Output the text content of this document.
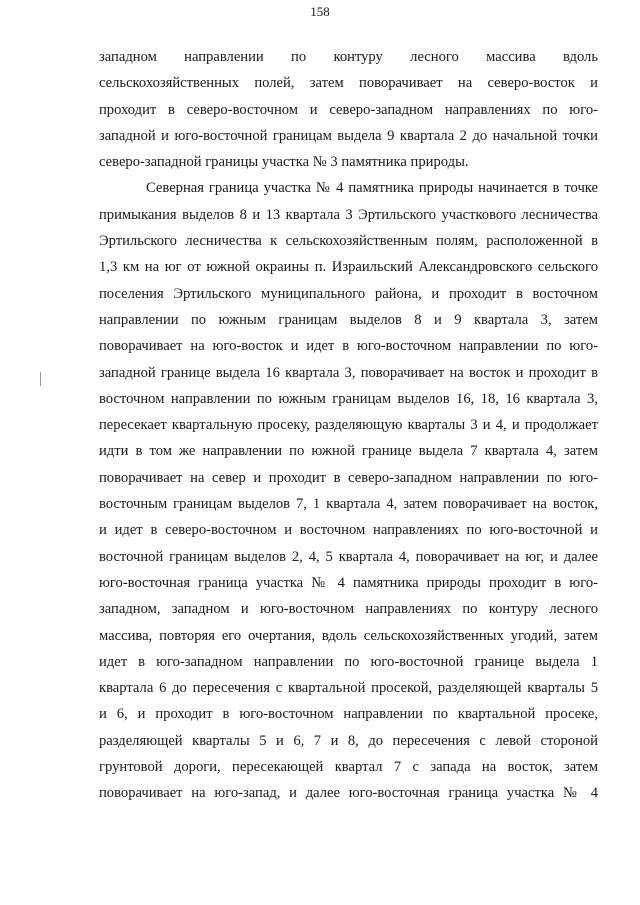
158
западном направлении по контуру лесного массива вдоль
сельскохозяйственных полей, затем поворачивает на северо-восток и
проходит в северо-восточном и северо-западном направлениях по юго-
западной и юго-восточной границам выдела 9 квартала 2 до начальной точки
северо-западной границы участка № 3 памятника природы.
Северная граница участка № 4 памятника природы начинается в точке
примыкания выделов 8 и 13 квартала 3 Эртильского участкового лесничества
Эртильского лесничества к сельскохозяйственным полям, расположенной в
1,3 км на юг от южной окраины п. Израильский Александровского сельского
поселения Эртильского муниципального района, и проходит в восточном
направлении по южным границам выделов 8 и 9 квартала 3, затем
поворачивает на юго-восток и идет в юго-восточном направлении по юго-
западной границе выдела 16 квартала 3, поворачивает на восток и проходит в
восточном направлении по южным границам выделов 16, 18, 16 квартала 3,
пересекает квартальную просеку, разделяющую кварталы 3 и 4, и продолжает
идти в том же направлении по южной границе выдела 7 квартала 4, затем
поворачивает на север и проходит в северо-западном направлении по юго-
восточным границам выделов 7, 1 квартала 4, затем поворачивает на восток,
и идет в северо-восточном и восточном направлениях по юго-восточной и
восточной границам выделов 2, 4, 5 квартала 4, поворачивает на юг, и далее
юго-восточная граница участка № 4 памятника природы проходит в юго-
западном, западном и юго-восточном направлениях по контуру лесного
массива, повторяя его очертания, вдоль сельскохозяйственных угодий, затем
идет в юго-западном направлении по юго-восточной границе выдела 1
квартала 6 до пересечения с квартальной просекой, разделяющей кварталы 5
и 6, и проходит в юго-восточном направлении по квартальной просеке,
разделяющей кварталы 5 и 6, 7 и 8, до пересечения с левой стороной
грунтовой дороги, пересекающей квартал 7 с запада на восток, затем
поворачивает на юго-запад, и далее юго-восточная граница участка № 4
